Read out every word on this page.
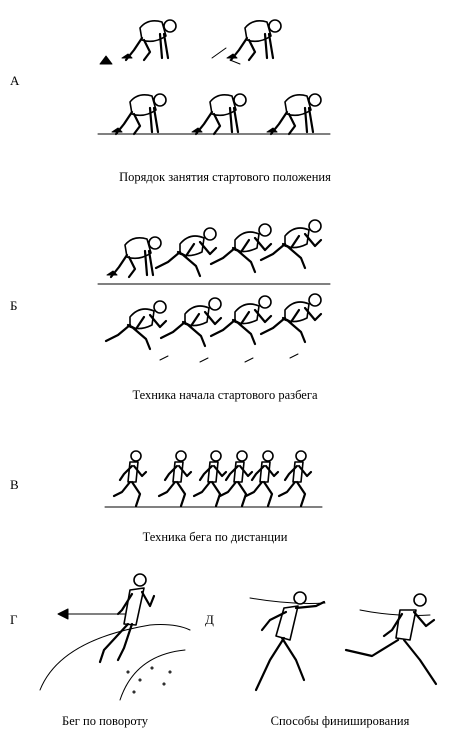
А
Б
В
Г	Д
Порядок занятия стартового положения
Техника начала стартового разбега
Техника бега по дистанции
Бег по повороту	Способы финиширования
